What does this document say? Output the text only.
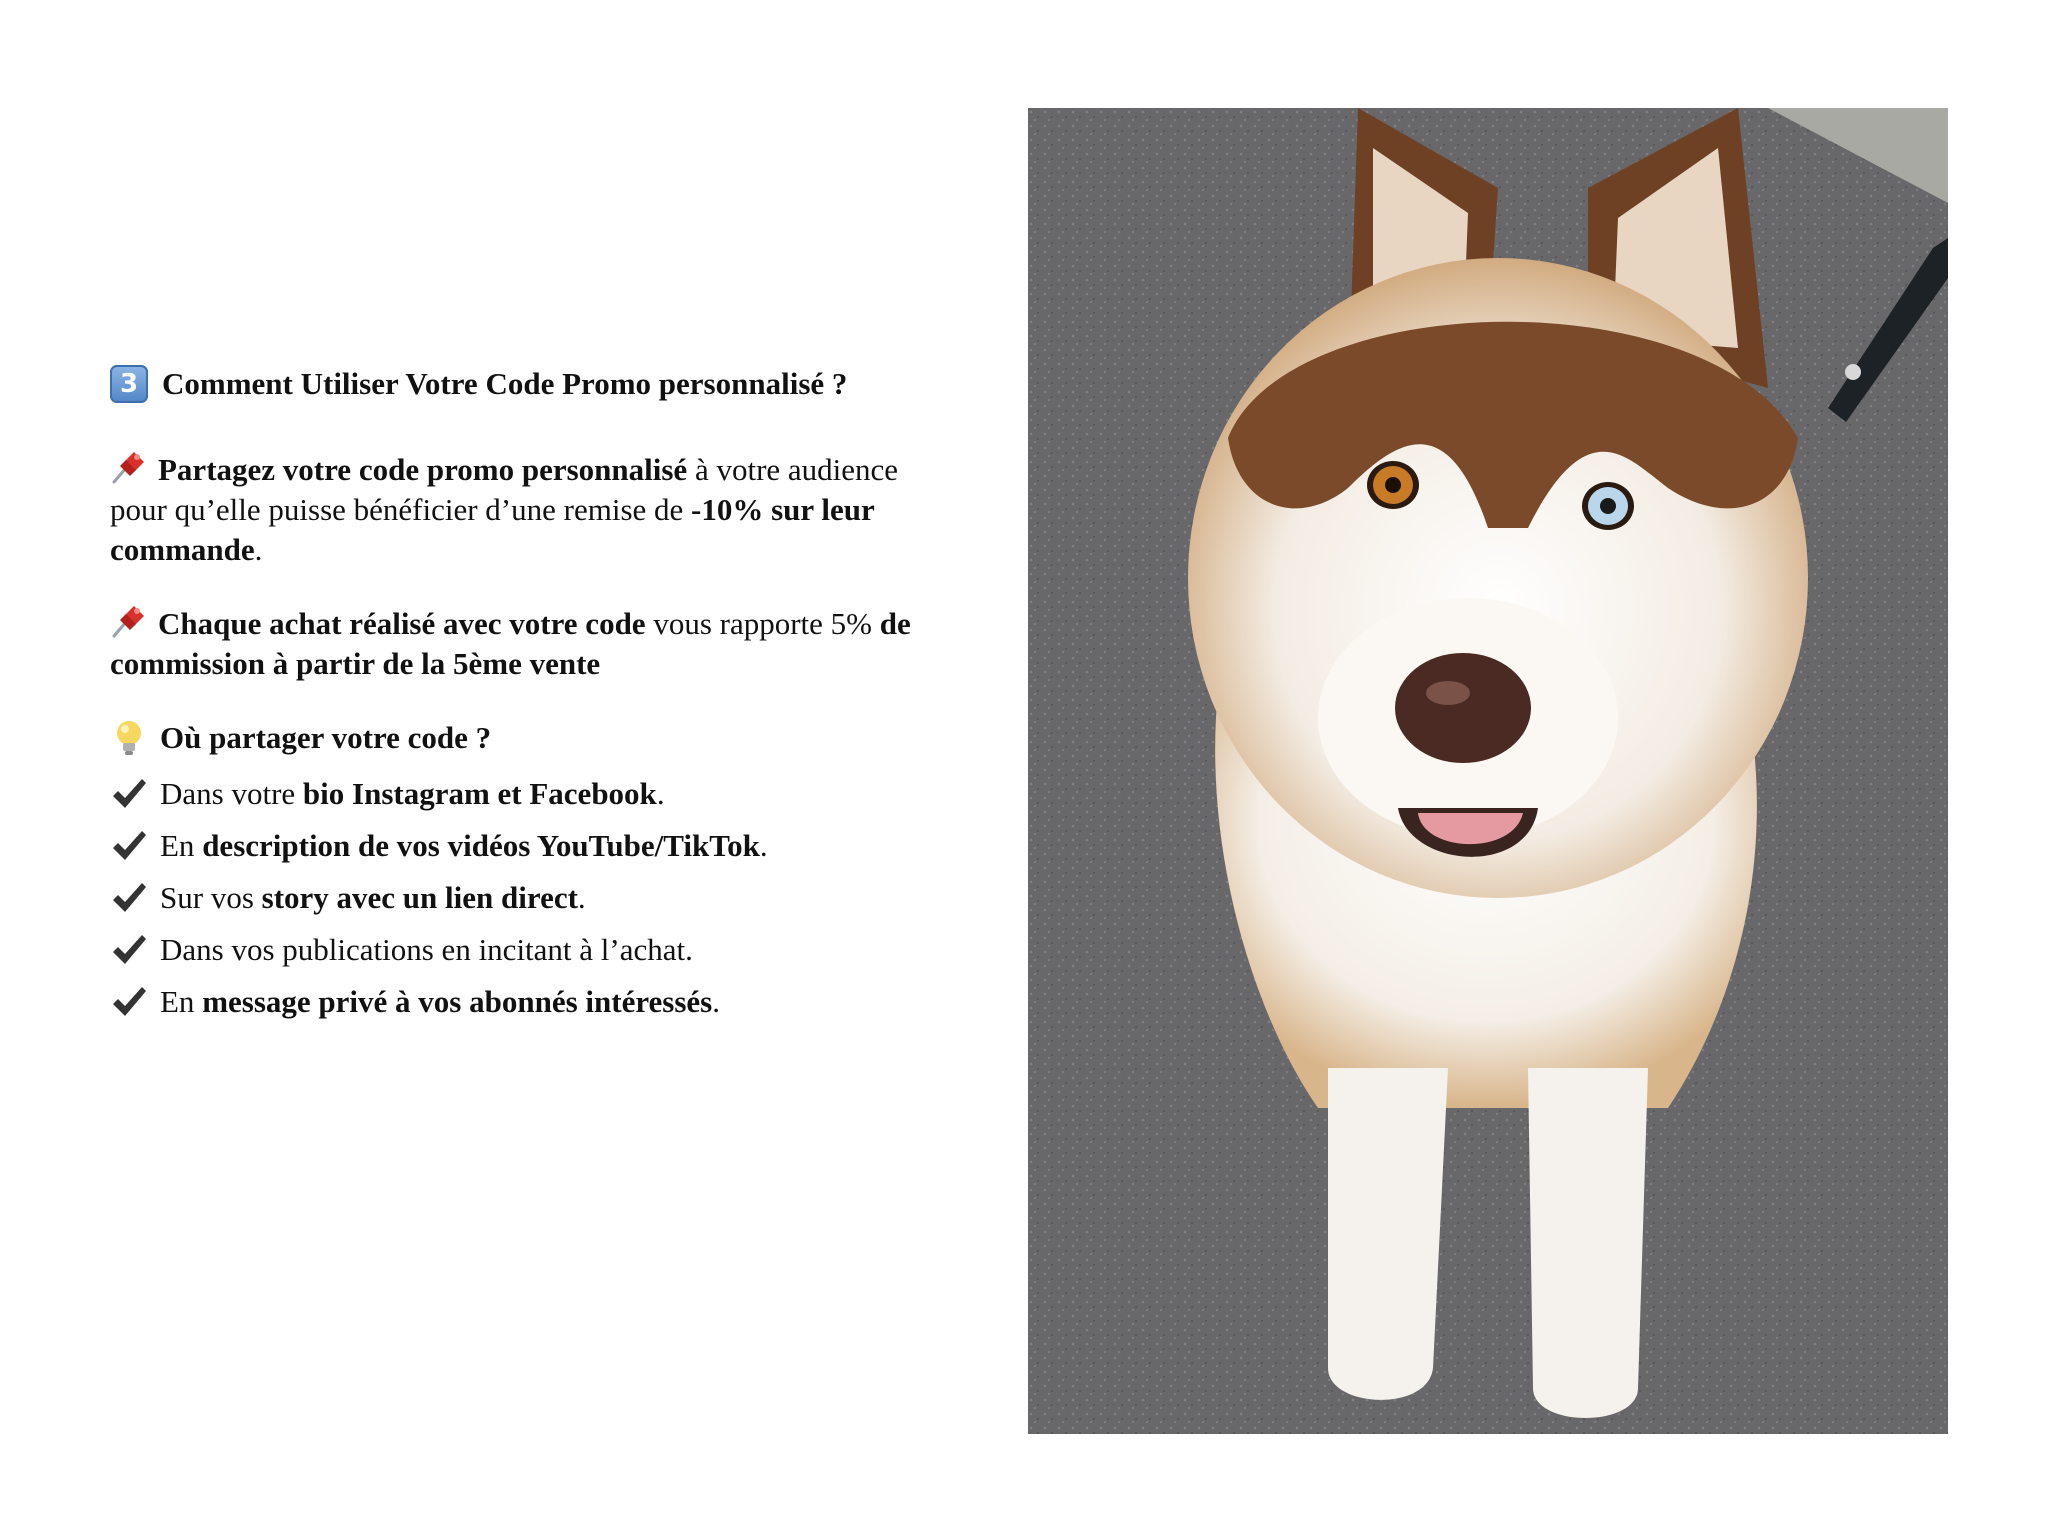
3 Comment Utiliser Votre Code Promo personnalisé ?

Partagez votre code promo personnalisé à votre audience pour qu’elle puisse bénéficier d’une remise de -10% sur leur commande.

Chaque achat réalisé avec votre code vous rapporte 5% de commission à partir de la 5ème vente

Où partager votre code ?
Dans votre bio Instagram et Facebook.
En description de vos vidéos YouTube/TikTok.
Sur vos story avec un lien direct.
Dans vos publications en incitant à l’achat.
En message privé à vos abonnés intéressés.
